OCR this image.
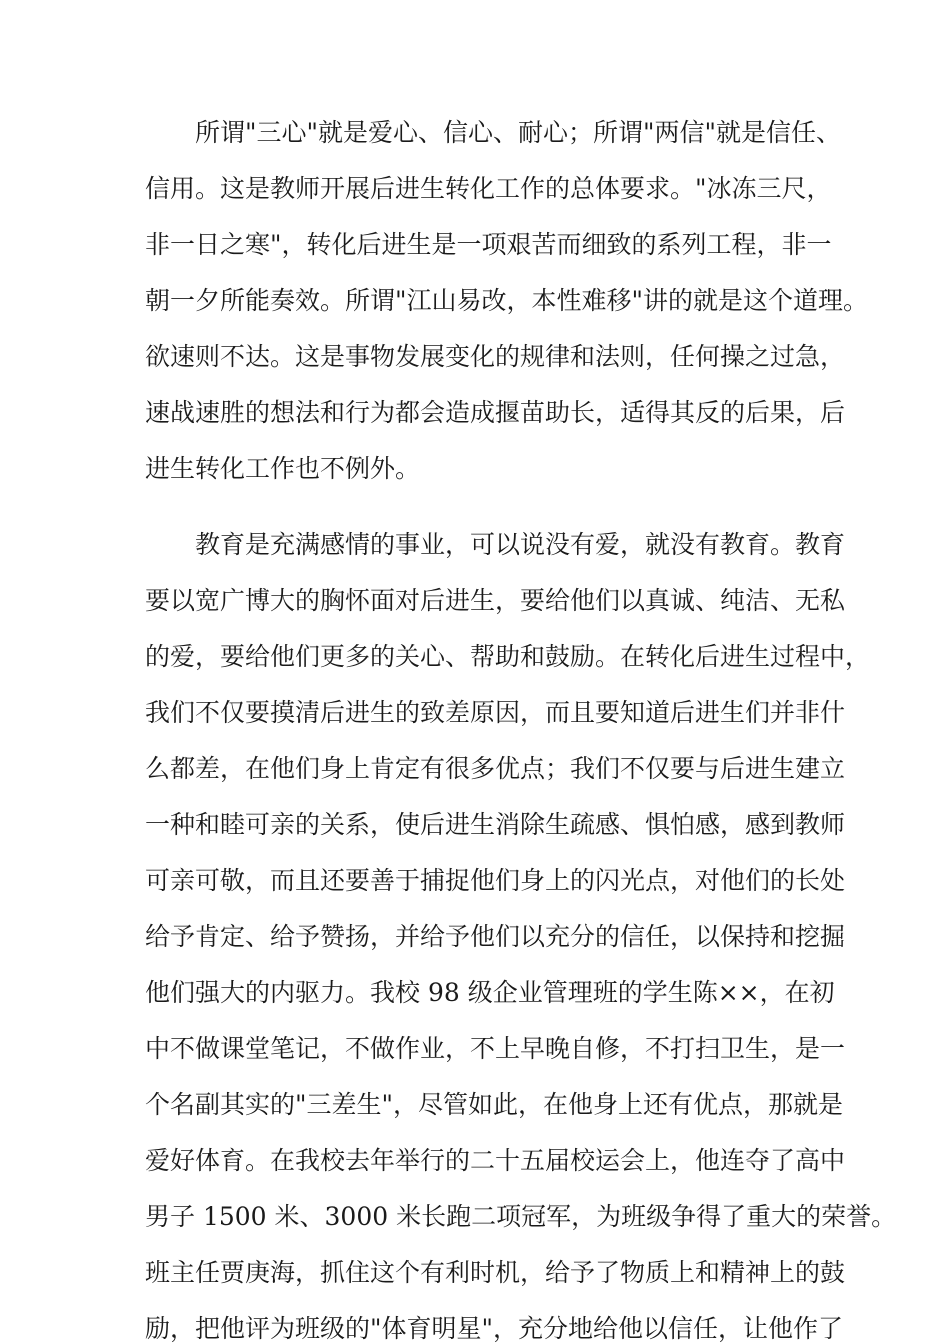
所谓"三心"就是爱心、信心、耐心；所谓"两信"就是信任、

信用。这是教师开展后进生转化工作的总体要求。"冰冻三尺，

非一日之寒"，转化后进生是一项艰苦而细致的系列工程，非一

朝一夕所能奏效。所谓"江山易改，本性难移"讲的就是这个道理。

欲速则不达。这是事物发展变化的规律和法则，任何操之过急，

速战速胜的想法和行为都会造成揠苗助长，适得其反的后果，后

进生转化工作也不例外。

教育是充满感情的事业，可以说没有爱，就没有教育。教育

要以宽广博大的胸怀面对后进生，要给他们以真诚、纯洁、无私

的爱，要给他们更多的关心、帮助和鼓励。在转化后进生过程中，

我们不仅要摸清后进生的致差原因，而且要知道后进生们并非什

么都差，在他们身上肯定有很多优点；我们不仅要与后进生建立

一种和睦可亲的关系，使后进生消除生疏感、惧怕感，感到教师

可亲可敬，而且还要善于捕捉他们身上的闪光点，对他们的长处

给予肯定、给予赞扬，并给予他们以充分的信任，以保持和挖掘

他们强大的内驱力。我校 98 级企业管理班的学生陈××，在初

中不做课堂笔记，不做作业，不上早晚自修，不打扫卫生，是一

个名副其实的"三差生"，尽管如此，在他身上还有优点，那就是

爱好体育。在我校去年举行的二十五届校运会上，他连夺了高中

男子 1500 米、3000 米长跑二项冠军，为班级争得了重大的荣誉。

班主任贾庚海，抓住这个有利时机，给予了物质上和精神上的鼓

励，把他评为班级的"体育明星"，充分地给他以信任，让他作了
